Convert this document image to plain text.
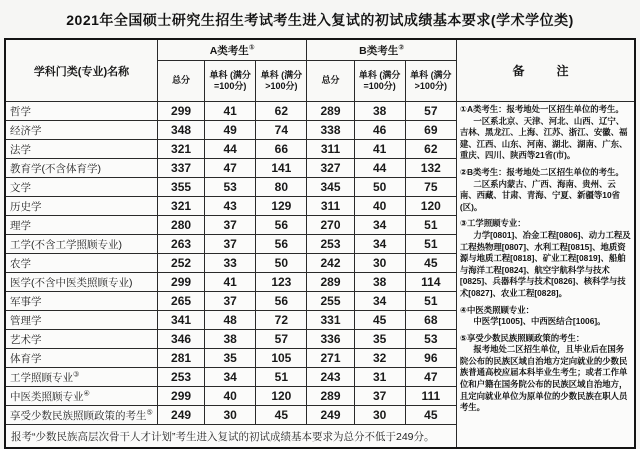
2021年全国硕士研究生招生考试考生进入复试的初试成绩基本要求(学术学位类)
学科门类(专业)名称	A类考生①			B类考生②			备　注
	总分	单科 (满分 =100分)	单科 (满分 >100分)	总分	单科 (满分 =100分)	单科 (满分 >100分)	
哲学	299	41	62	289	38	57	①A类考生：报考地处一区招生单位的考生。
一区系北京、天津、河北、山西、辽宁、吉林、黑龙江、上海、江苏、浙江、安徽、福建、江西、山东、河南、湖北、湖南、广东、重庆、四川、陕西等21省(市)。
②B类考生：报考地处二区招生单位的考生。
二区系内蒙古、广西、海南、贵州、云南、西藏、甘肃、青海、宁夏、新疆等10省(区)。
③工学照顾专业：
力学[0801]、冶金工程[0806]、动力工程及工程热物理[0807]、水利工程[0815]、地质资源与地质工程[0818]、矿业工程[0819]、船舶与海洋工程[0824]、航空宇航科学与技术[0825]、兵器科学与技术[0826]、核科学与技术[0827]、农业工程[0828]。
④中医类照顾专业：
中医学[1005]、中西医结合[1006]。
⑤享受少数民族照顾政策的考生：
报考地处二区招生单位，且毕业后在国务院公布的民族区域自治地方定向就业的少数民族普通高校应届本科毕业生考生；或者工作单位和户籍在国务院公布的民族区域自治地方，且定向就业单位为原单位的少数民族在职人员考生。

经济学	348	49	74	338	46	69	
法学	321	44	66	311	41	62	
教育学(不含体育学)	337	47	141	327	44	132	
文学	355	53	80	345	50	75	
历史学	321	43	129	311	40	120	
理学	280	37	56	270	34	51	
工学(不含工学照顾专业)	263	37	56	253	34	51	
农学	252	33	50	242	30	45	
医学(不含中医类照顾专业)	299	41	123	289	38	114	
军事学	265	37	56	255	34	51	
管理学	341	48	72	331	45	68	
艺术学	346	38	57	336	35	53	
体育学	281	35	105	271	32	96	
工学照顾专业③	253	34	51	243	31	47	
中医类照顾专业④	299	40	120	289	37	111	
享受少数民族照顾政策的考生⑤	249	30	45	249	30	45	
报考“少数民族高层次骨干人才计划”考生进入复试的初试成绩基本要求为总分不低于249分。							
